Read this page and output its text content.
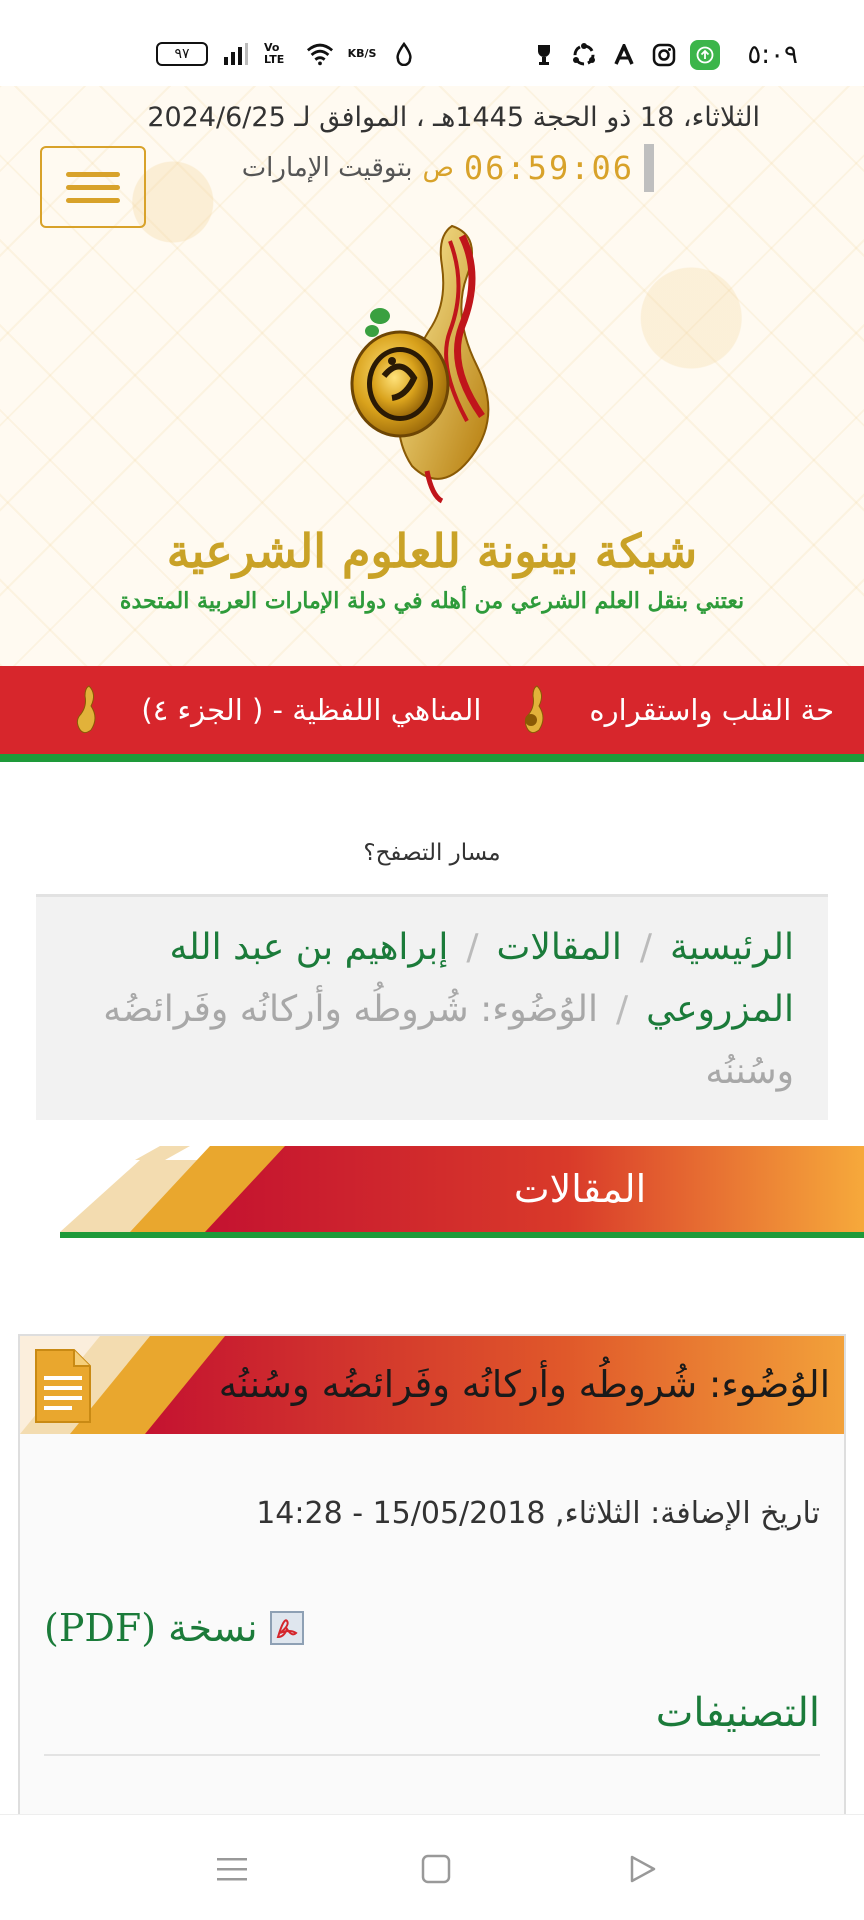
٩٧	Vo LTE	KB/S	٥:٠٩
الثلاثاء، 18 ذو الحجة 1445هـ ، الموافق لـ 2024/6/25
06:59:06
ص
بتوقيت الإمارات
شبكة بينونة للعلوم الشرعية
نعتني بنقل العلم الشرعي من أهله في دولة الإمارات العربية المتحدة
حة القلب واستقراره
المناهي اللفظية - ( الجزء ٤)
مسار التصفح؟
الرئيسية/المقالات/إبراهيم بن عبد الله المزروعي/الوُضُوء: شُروطُه وأركانُه وفَرائضُه وسُننُه
المقالات
الوُضُوء: شُروطُه وأركانُه وفَرائضُه وسُننُه
تاريخ الإضافة: الثلاثاء, 15/05/2018 - 14:28
نسخة (PDF)
التصنيفات
